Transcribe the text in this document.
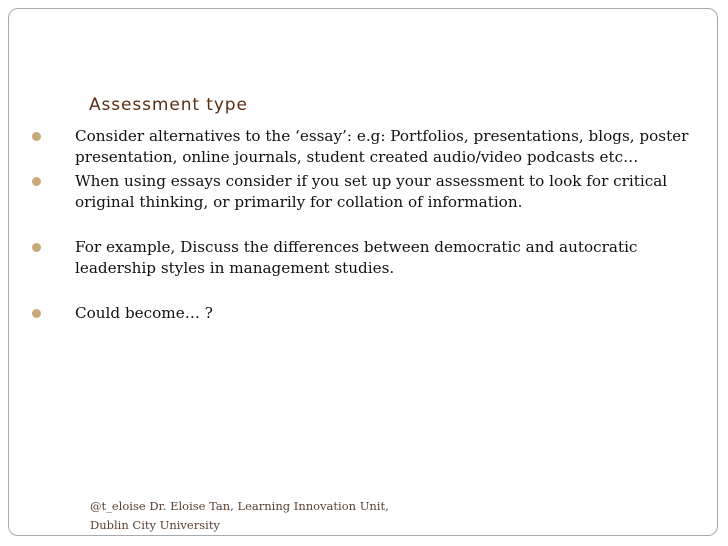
Assessment type
Consider alternatives to the ‘essay’: e.g: Portfolios, presentations, blogs, poster presentation, online journals, student created audio/video podcasts etc…
When using essays consider if you set up your assessment to look for critical original thinking, or primarily for collation of information.
For example, Discuss the differences between democratic and autocratic leadership styles in management studies.
Could become… ?
@t_eloise Dr. Eloise Tan, Learning Innovation Unit,
Dublin City University
